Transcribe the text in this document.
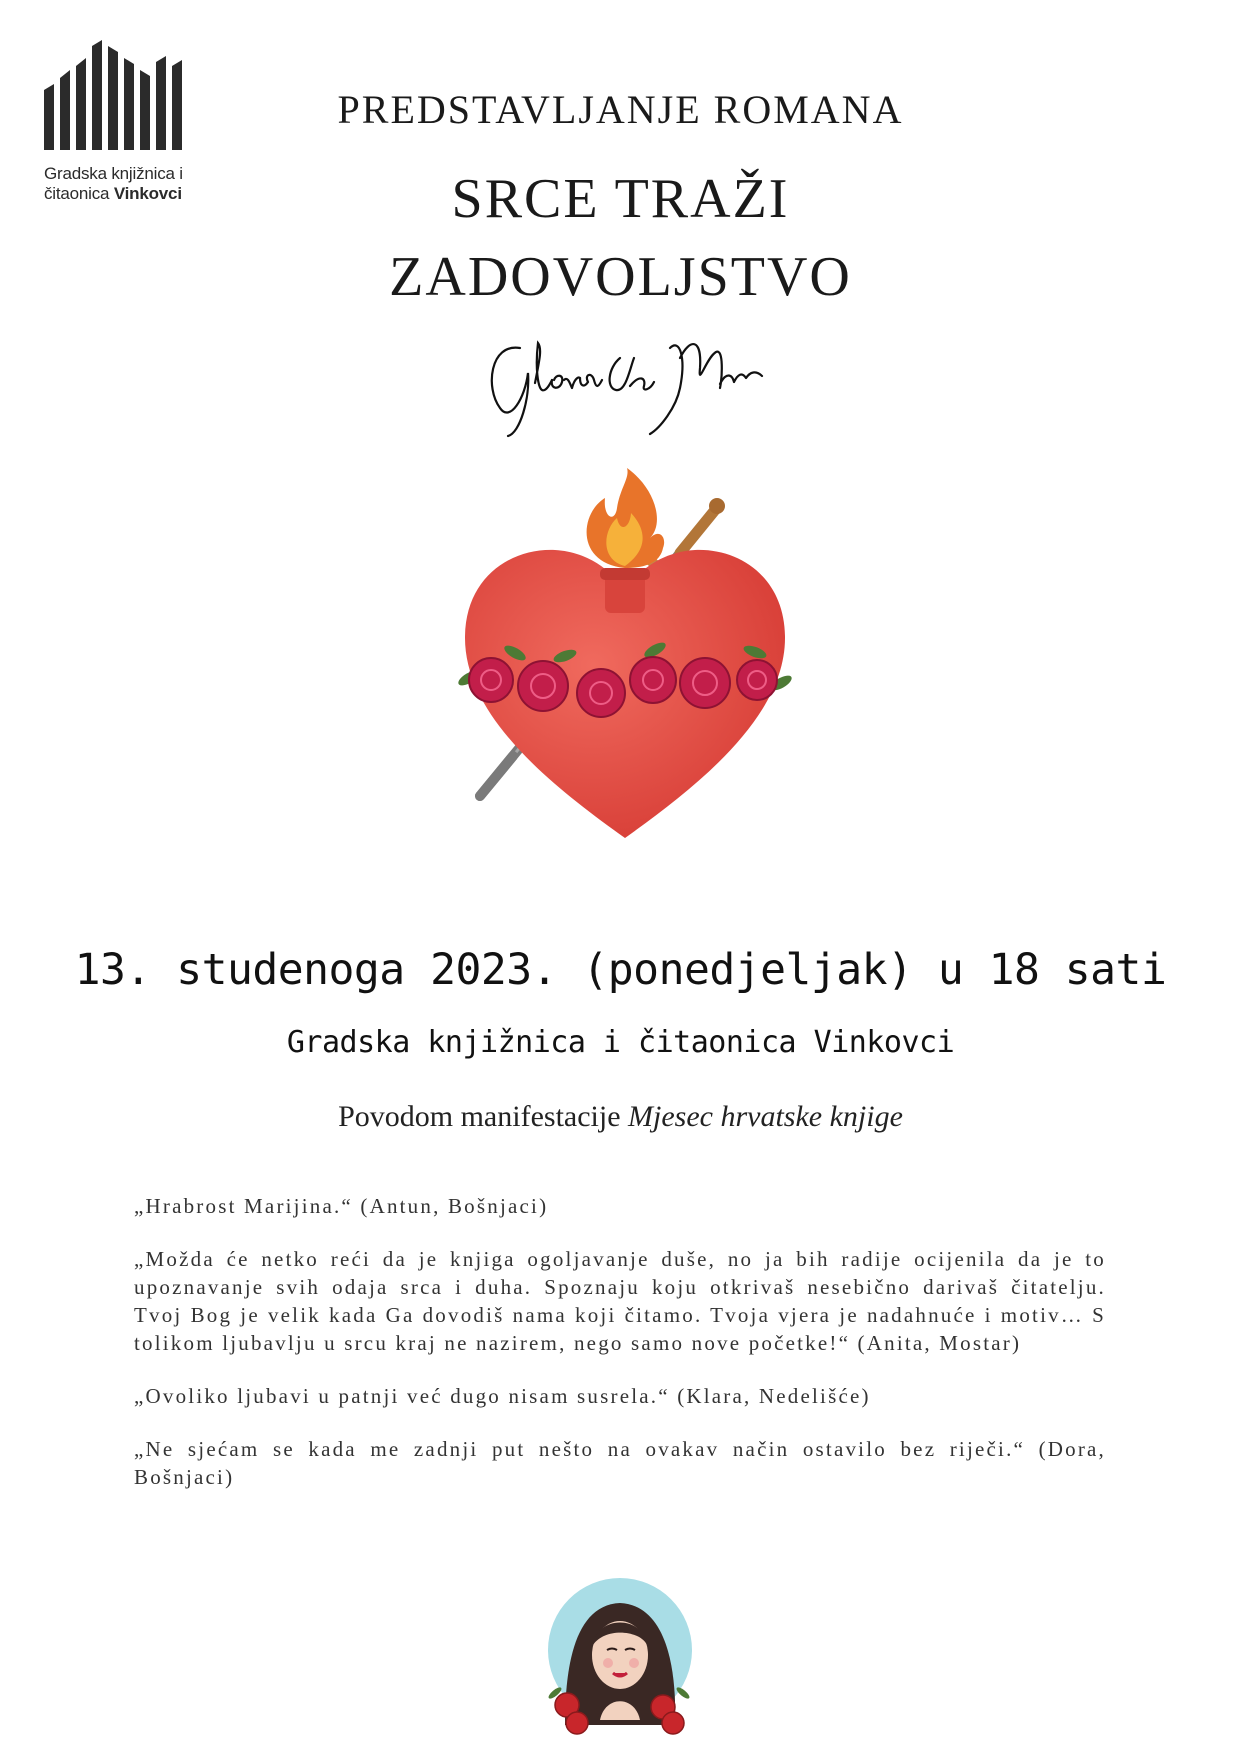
Gradska knjižnica i
čitaonica Vinkovci
PREDSTAVLJANJE ROMANA
SRCE TRAŽI
ZADOVOLJSTVO
13. studenoga 2023. (ponedjeljak) u 18 sati
Gradska knjižnica i čitaonica Vinkovci
Povodom manifestacije Mjesec hrvatske knjige

„Hrabrost Marijina.“ (Antun, Bošnjaci)

„Možda će netko reći da je knjiga ogoljavanje duše, no ja bih radije ocijenila da je to upoznavanje svih odaja srca i duha. Spoznaju koju otkrivaš nesebično darivaš čitatelju. Tvoj Bog je velik kada Ga dovodiš nama koji čitamo. Tvoja vjera je nadahnuće i motiv… S tolikom ljubavlju u srcu kraj ne nazirem, nego samo nove početke!“ (Anita, Mostar)

„Ovoliko ljubavi u patnji već dugo nisam susrela.“ (Klara, Nedelišće)

„Ne sjećam se kada me zadnji put nešto na ovakav način ostavilo bez riječi.“ (Dora, Bošnjaci)
